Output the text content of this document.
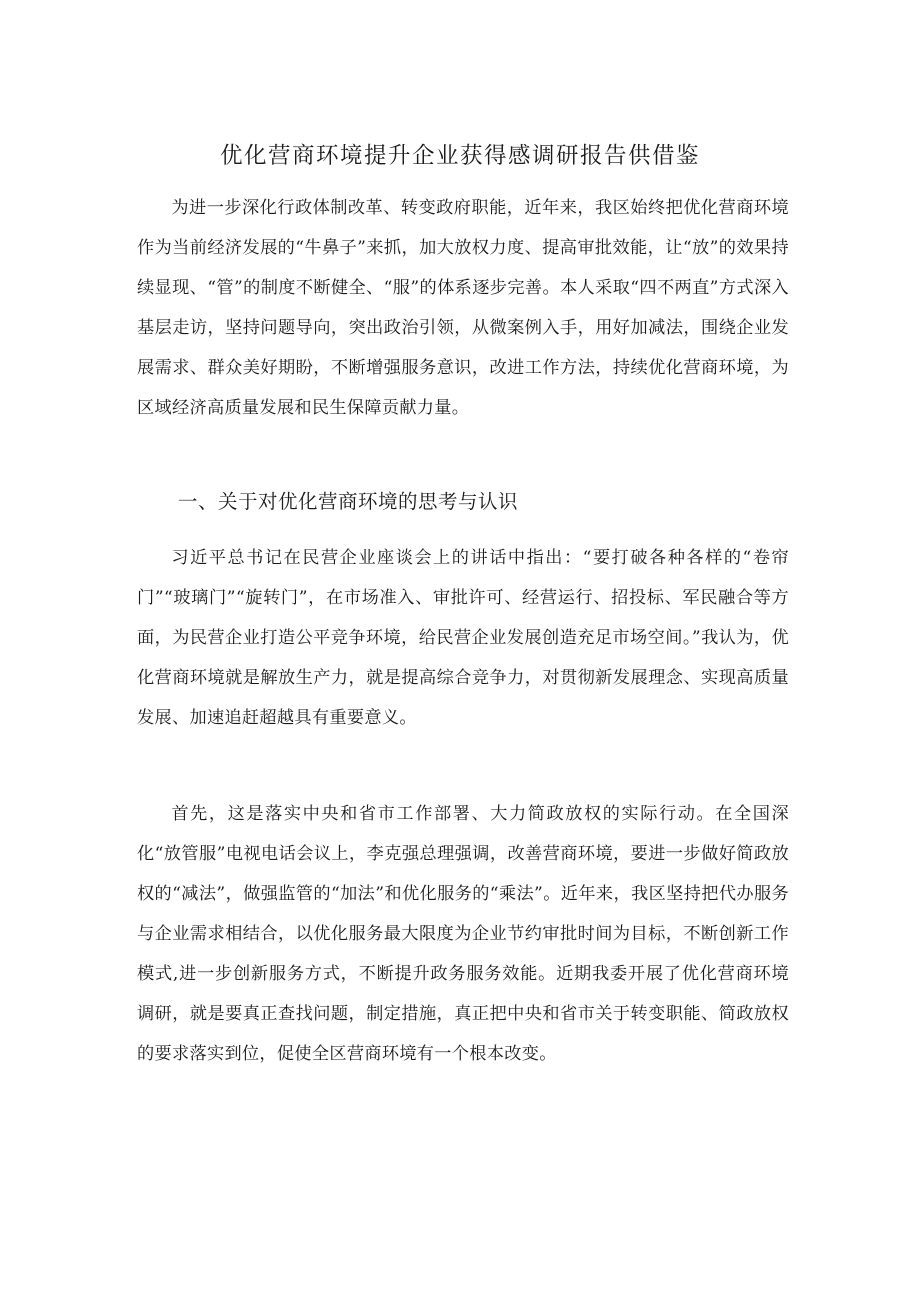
优化营商环境提升企业获得感调研报告供借鉴

为进一步深化行政体制改革、转变政府职能，近年来，我区始终把优化营商环境作为当前经济发展的“牛鼻子”来抓，加大放权力度、提高审批效能，让“放”的效果持续显现、“管”的制度不断健全、“服”的体系逐步完善。本人采取“四不两直”方式深入基层走访，坚持问题导向，突出政治引领，从微案例入手，用好加减法，围绕企业发展需求、群众美好期盼，不断增强服务意识，改进工作方法，持续优化营商环境，为区域经济高质量发展和民生保障贡献力量。

一、关于对优化营商环境的思考与认识

习近平总书记在民营企业座谈会上的讲话中指出：“要打破各种各样的“卷帘门”“玻璃门”“旋转门”，在市场准入、审批许可、经营运行、招投标、军民融合等方面，为民营企业打造公平竞争环境，给民营企业发展创造充足市场空间。”我认为，优化营商环境就是解放生产力，就是提高综合竞争力，对贯彻新发展理念、实现高质量发展、加速追赶超越具有重要意义。

首先，这是落实中央和省市工作部署、大力简政放权的实际行动。在全国深化“放管服”电视电话会议上，李克强总理强调，改善营商环境，要进一步做好简政放权的“减法”，做强监管的“加法”和优化服务的“乘法”。近年来，我区坚持把代办服务与企业需求相结合，以优化服务最大限度为企业节约审批时间为目标，不断创新工作模式,进一步创新服务方式，不断提升政务服务效能。近期我委开展了优化营商环境调研，就是要真正查找问题，制定措施，真正把中央和省市关于转变职能、简政放权的要求落实到位，促使全区营商环境有一个根本改变。
